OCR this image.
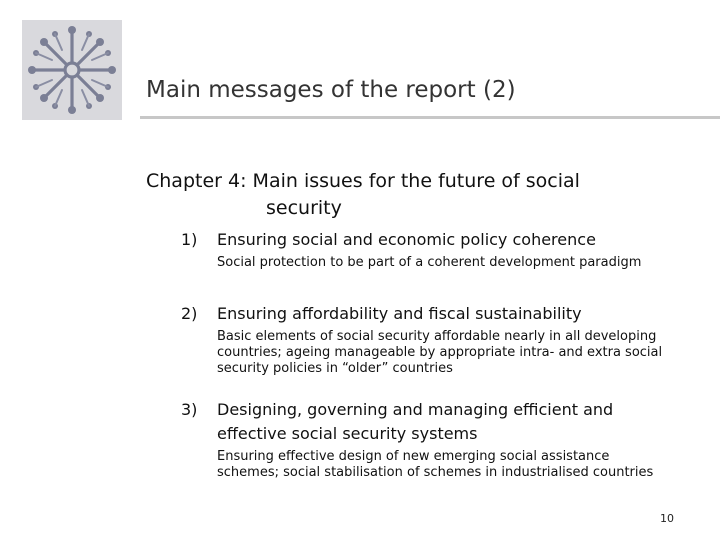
Main messages of the report (2)
Chapter 4: Main issues for the future of social
security
1)	Ensuring social and economic policy coherence
Social protection to be part of a coherent development paradigm
2)	Ensuring affordability and fiscal sustainability
Basic elements of social security affordable nearly in all developing countries; ageing manageable by appropriate intra- and extra social security policies in “older” countries
3)	Designing, governing and managing efficient and effective social security systems
Ensuring effective design of new emerging social assistance schemes; social stabilisation of schemes in industrialised countries
10
